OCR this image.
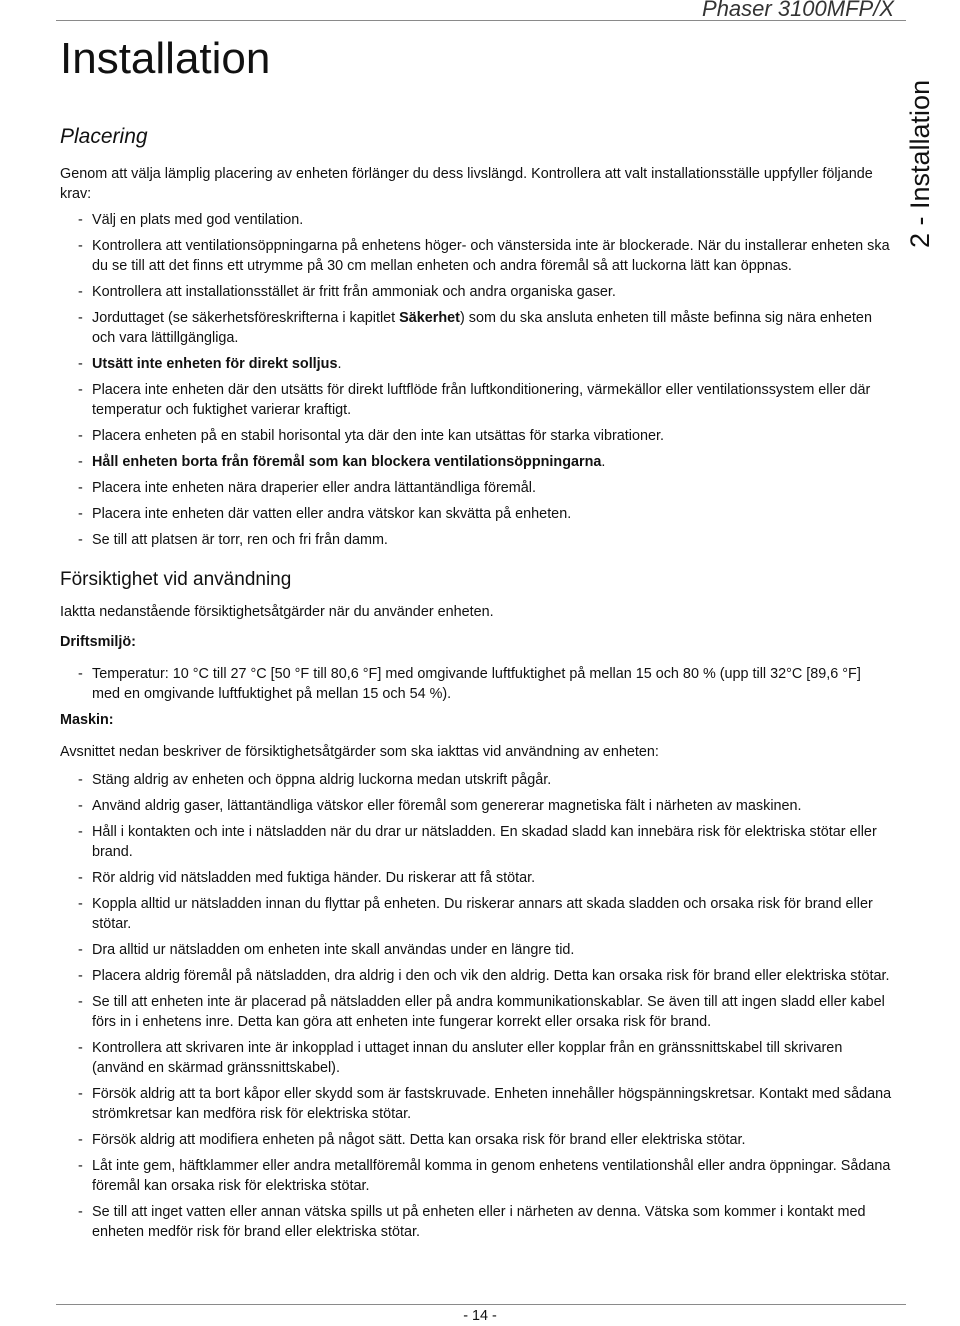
Phaser 3100MFP/X
Installation
2 - Installation
Placering

Genom att välja lämplig placering av enheten förlänger du dess livslängd. Kontrollera att valt installationsställe uppfyller följande krav:

- Välj en plats med god ventilation.
- Kontrollera att ventilationsöppningarna på enhetens höger- och vänstersida inte är blockerade. När du installerar enheten ska du se till att det finns ett utrymme på 30 cm mellan enheten och andra föremål så att luckorna lätt kan öppnas.
- Kontrollera att installationsstället är fritt från ammoniak och andra organiska gaser.
- Jorduttaget (se säkerhetsföreskrifterna i kapitlet Säkerhet) som du ska ansluta enheten till måste befinna sig nära enheten och vara lättillgängliga.
- Utsätt inte enheten för direkt solljus.
- Placera inte enheten där den utsätts för direkt luftflöde från luftkonditionering, värmekällor eller ventilationssystem eller där temperatur och fuktighet varierar kraftigt.
- Placera enheten på en stabil horisontal yta där den inte kan utsättas för starka vibrationer.
- Håll enheten borta från föremål som kan blockera ventilationsöppningarna.
- Placera inte enheten nära draperier eller andra lättantändliga föremål.
- Placera inte enheten där vatten eller andra vätskor kan skvätta på enheten.
- Se till att platsen är torr, ren och fri från damm.
Försiktighet vid användning

Iaktta nedanstående försiktighetsåtgärder när du använder enheten.

Driftsmiljö:

- Temperatur: 10 °C till 27 °C [50 °F till 80,6 °F] med omgivande luftfuktighet på mellan 15 och 80 % (upp till 32°C [89,6 °F] med en omgivande luftfuktighet på mellan 15 och 54 %).

Maskin:

Avsnittet nedan beskriver de försiktighetsåtgärder som ska iakttas vid användning av enheten:

- Stäng aldrig av enheten och öppna aldrig luckorna medan utskrift pågår.
- Använd aldrig gaser, lättantändliga vätskor eller föremål som genererar magnetiska fält i närheten av maskinen.
- Håll i kontakten och inte i nätsladden när du drar ur nätsladden. En skadad sladd kan innebära risk för elektriska stötar eller brand.
- Rör aldrig vid nätsladden med fuktiga händer. Du riskerar att få stötar.
- Koppla alltid ur nätsladden innan du flyttar på enheten. Du riskerar annars att skada sladden och orsaka risk för brand eller stötar.
- Dra alltid ur nätsladden om enheten inte skall användas under en längre tid.
- Placera aldrig föremål på nätsladden, dra aldrig i den och vik den aldrig. Detta kan orsaka risk för brand eller elektriska stötar.
- Se till att enheten inte är placerad på nätsladden eller på andra kommunikationskablar. Se även till att ingen sladd eller kabel förs in i enhetens inre. Detta kan göra att enheten inte fungerar korrekt eller orsaka risk för brand.
- Kontrollera att skrivaren inte är inkopplad i uttaget innan du ansluter eller kopplar från en gränssnittskabel till skrivaren (använd en skärmad gränssnittskabel).
- Försök aldrig att ta bort kåpor eller skydd som är fastskruvade. Enheten innehåller högspänningskretsar. Kontakt med sådana strömkretsar kan medföra risk för elektriska stötar.
- Försök aldrig att modifiera enheten på något sätt. Detta kan orsaka risk för brand eller elektriska stötar.
- Låt inte gem, häftklammer eller andra metallföremål komma in genom enhetens ventilationshål eller andra öppningar. Sådana föremål kan orsaka risk för elektriska stötar.
- Se till att inget vatten eller annan vätska spills ut på enheten eller i närheten av denna. Vätska som kommer i kontakt med enheten medför risk för brand eller elektriska stötar.
- 14 -
